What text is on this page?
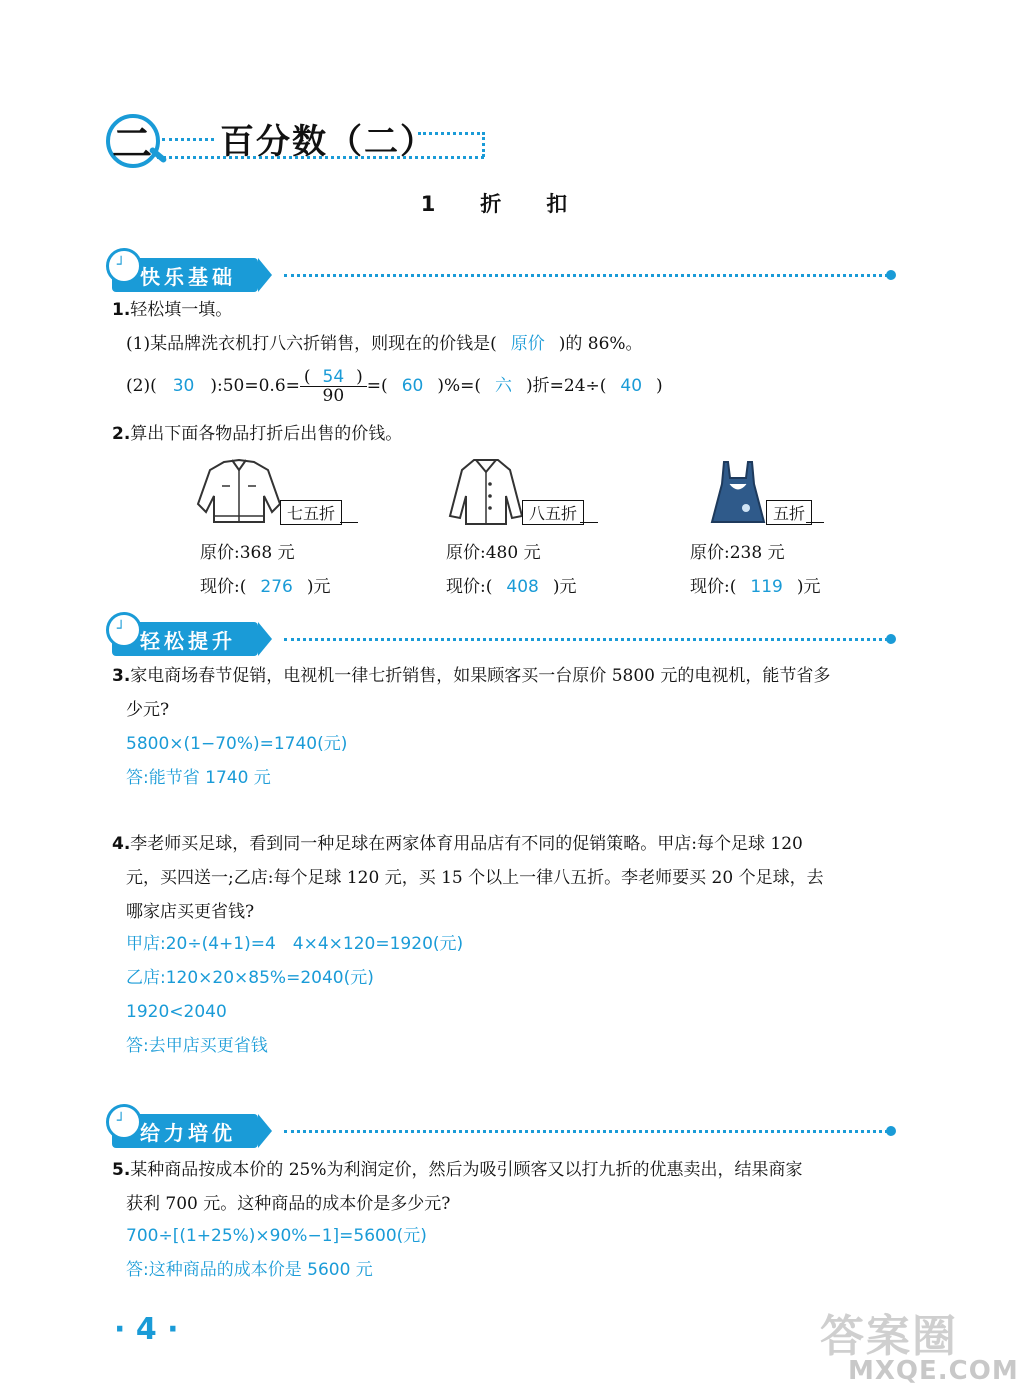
二 百分数（二）
1　折　扣
┘ 快乐基础
1.轻松填一填。
(1)某品牌洗衣机打八六折销售，则现在的价钱是( 原价 )的 86%。
(2)( 30 ):50=0.6= $\frac{( 54 )}{90}$ =( 60 )%=( 六 )折=24÷( 40 )
2.算出下面各物品打折后出售的价钱。
七五折
原价:368 元
现价:( 276 )元
八五折
原价:480 元
现价:( 408 )元
五折
原价:238 元
现价:( 119 )元
┘ 轻松提升
3.家电商场春节促销，电视机一律七折销售，如果顾客买一台原价 5800 元的电视机，能节省多
少元?
5800×(1−70%)=1740(元)
答:能节省 1740 元
4.李老师买足球，看到同一种足球在两家体育用品店有不同的促销策略。甲店:每个足球 120
元，买四送一;乙店:每个足球 120 元，买 15 个以上一律八五折。李老师要买 20 个足球，去
哪家店买更省钱?
甲店:20÷(4+1)=4　4×4×120=1920(元)
乙店:120×20×85%=2040(元)
1920<2040
答:去甲店买更省钱
┘ 给力培优
5.某种商品按成本价的 25%为利润定价，然后为吸引顾客又以打九折的优惠卖出，结果商家
获利 700 元。这种商品的成本价是多少元?
700÷[(1+25%)×90%−1]=5600(元)
答:这种商品的成本价是 5600 元
· 4 ·	答案圈
MXQE.COM
